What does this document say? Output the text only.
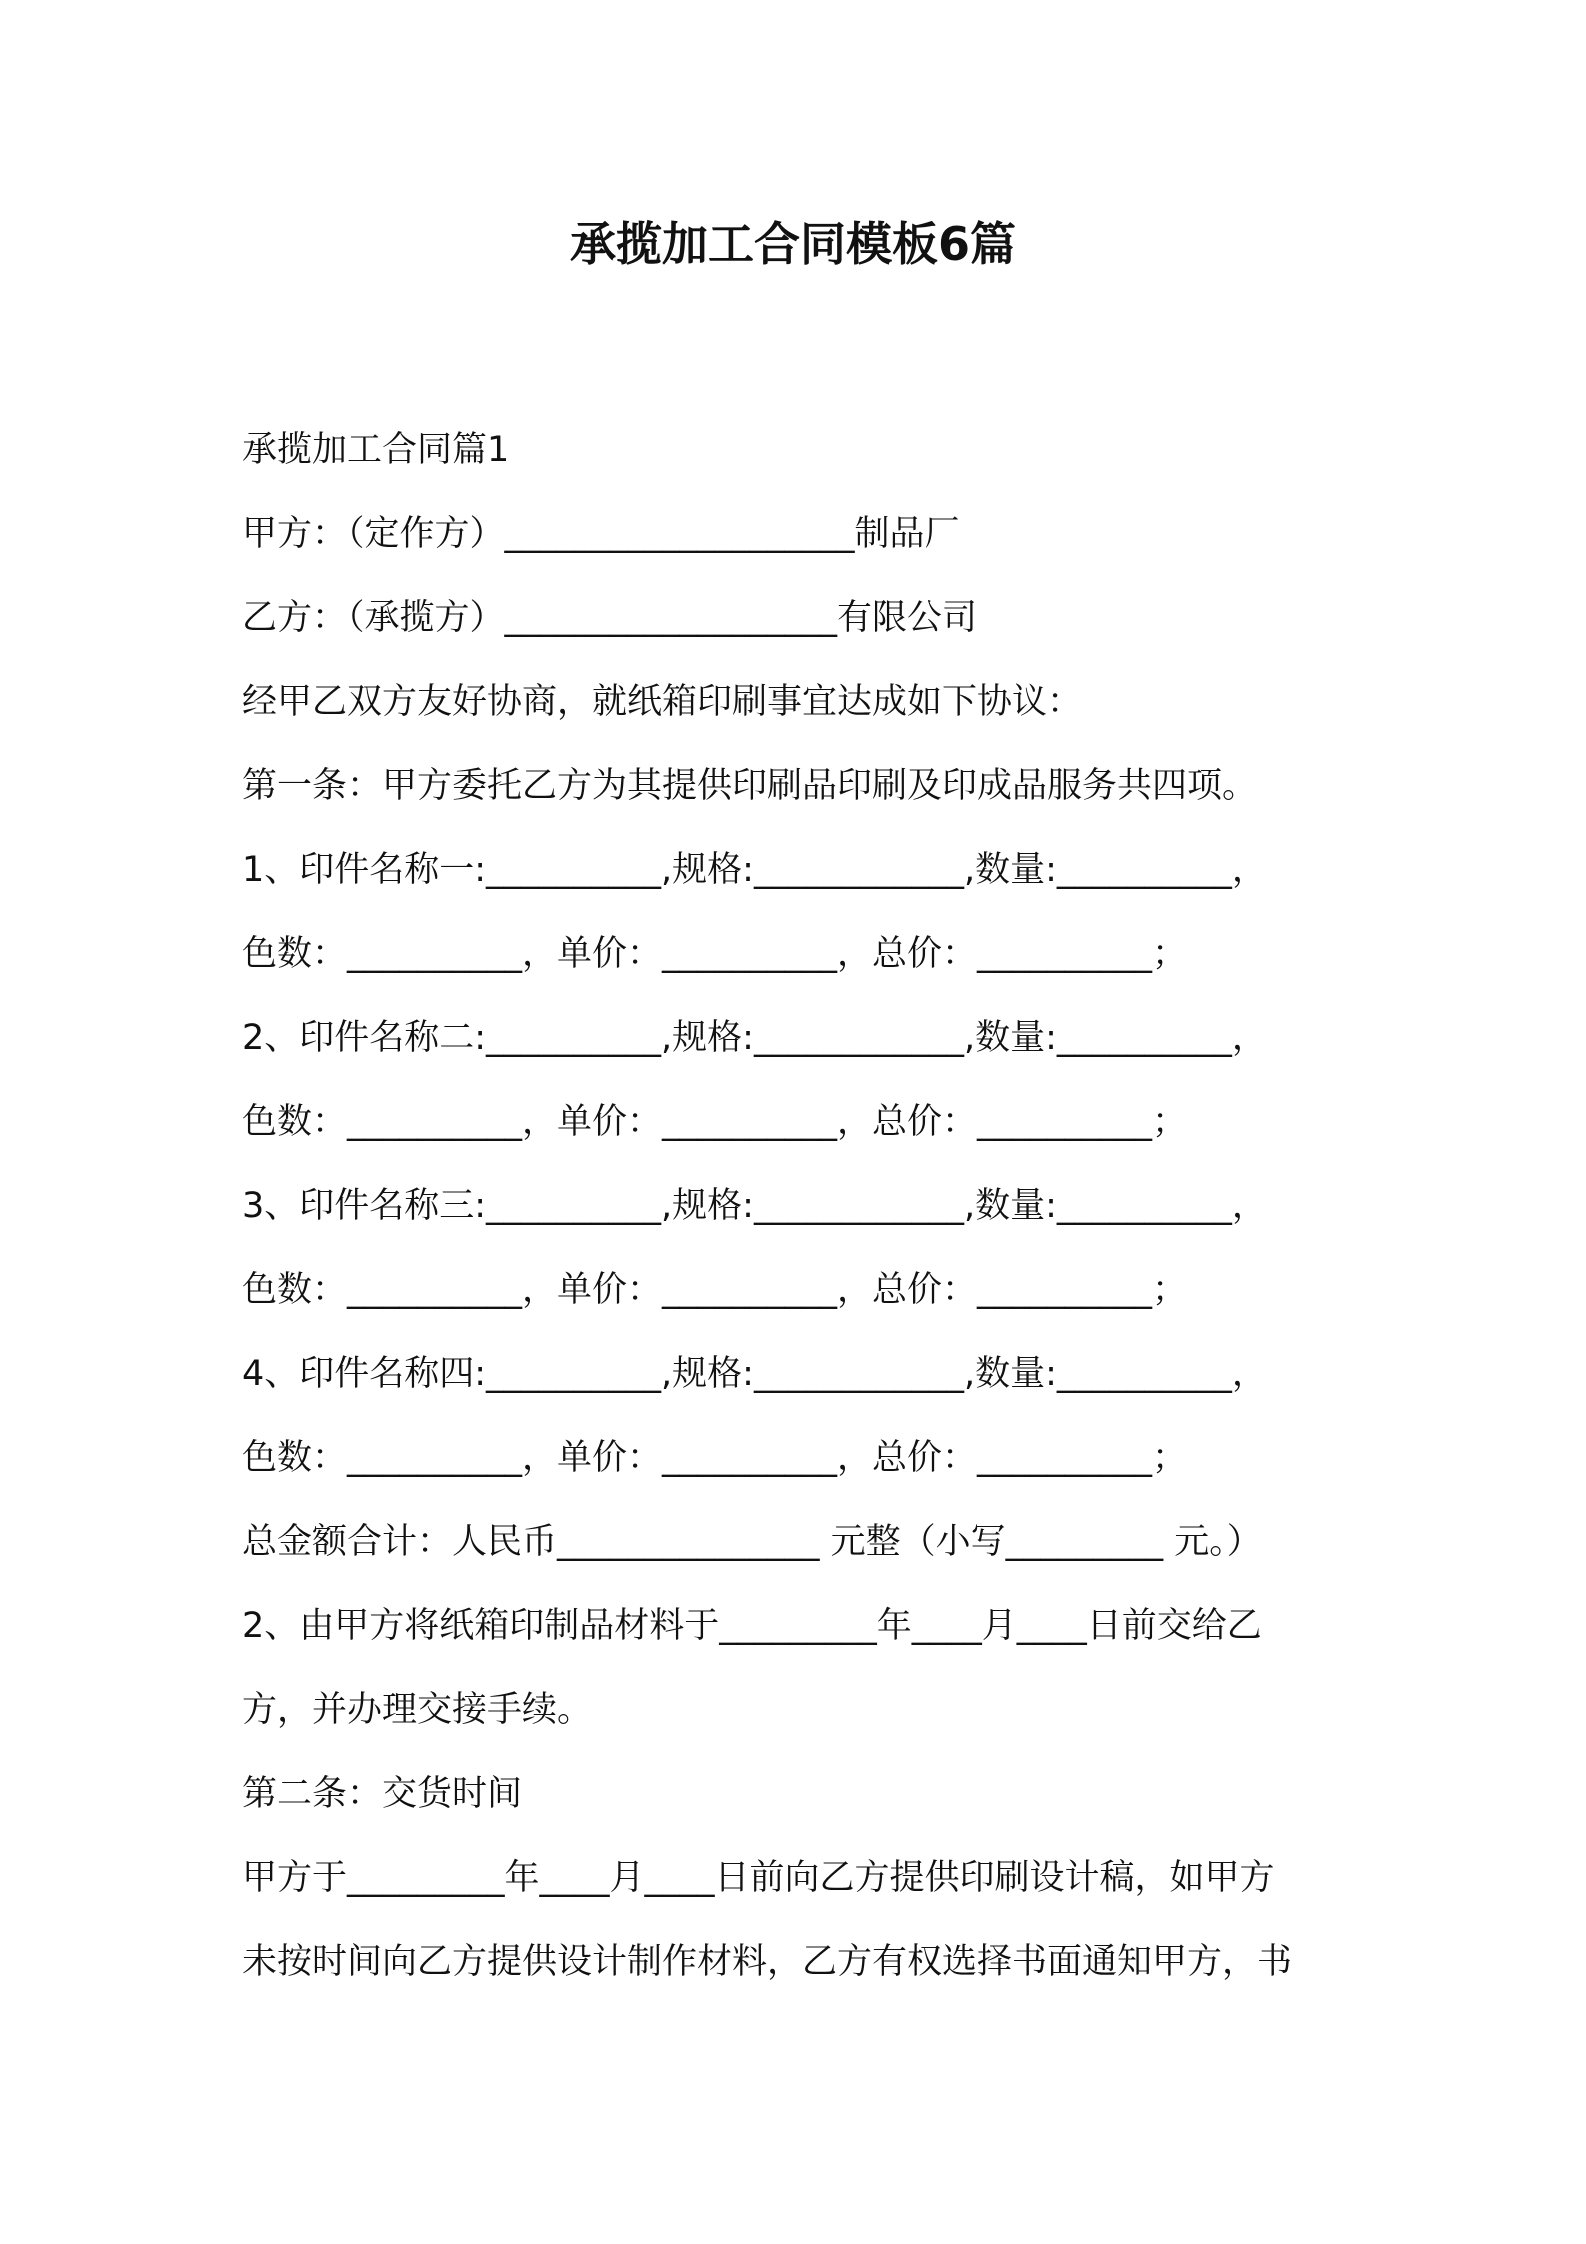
承揽加工合同模板6篇
承揽加工合同篇1
甲方：（定作方）____________________制品厂
乙方：（承揽方）___________________有限公司
经甲乙双方友好协商，就纸箱印刷事宜达成如下协议：
第一条：甲方委托乙方为其提供印刷品印刷及印成品服务共四项。
1、印件名称一:__________,规格:____________,数量:__________，
色数：__________，单价：__________，总价：__________；
2、印件名称二:__________,规格:____________,数量:__________，
色数：__________，单价：__________，总价：__________；
3、印件名称三:__________,规格:____________,数量:__________，
色数：__________，单价：__________，总价：__________；
4、印件名称四:__________,规格:____________,数量:__________，
色数：__________，单价：__________，总价：__________；
总金额合计：人民币_______________ 元整（小写_________ 元。）
2、由甲方将纸箱印制品材料于_________年____月____日前交给乙
方，并办理交接手续。
第二条：交货时间
甲方于_________年____月____日前向乙方提供印刷设计稿，如甲方
未按时间向乙方提供设计制作材料，乙方有权选择书面通知甲方，书
